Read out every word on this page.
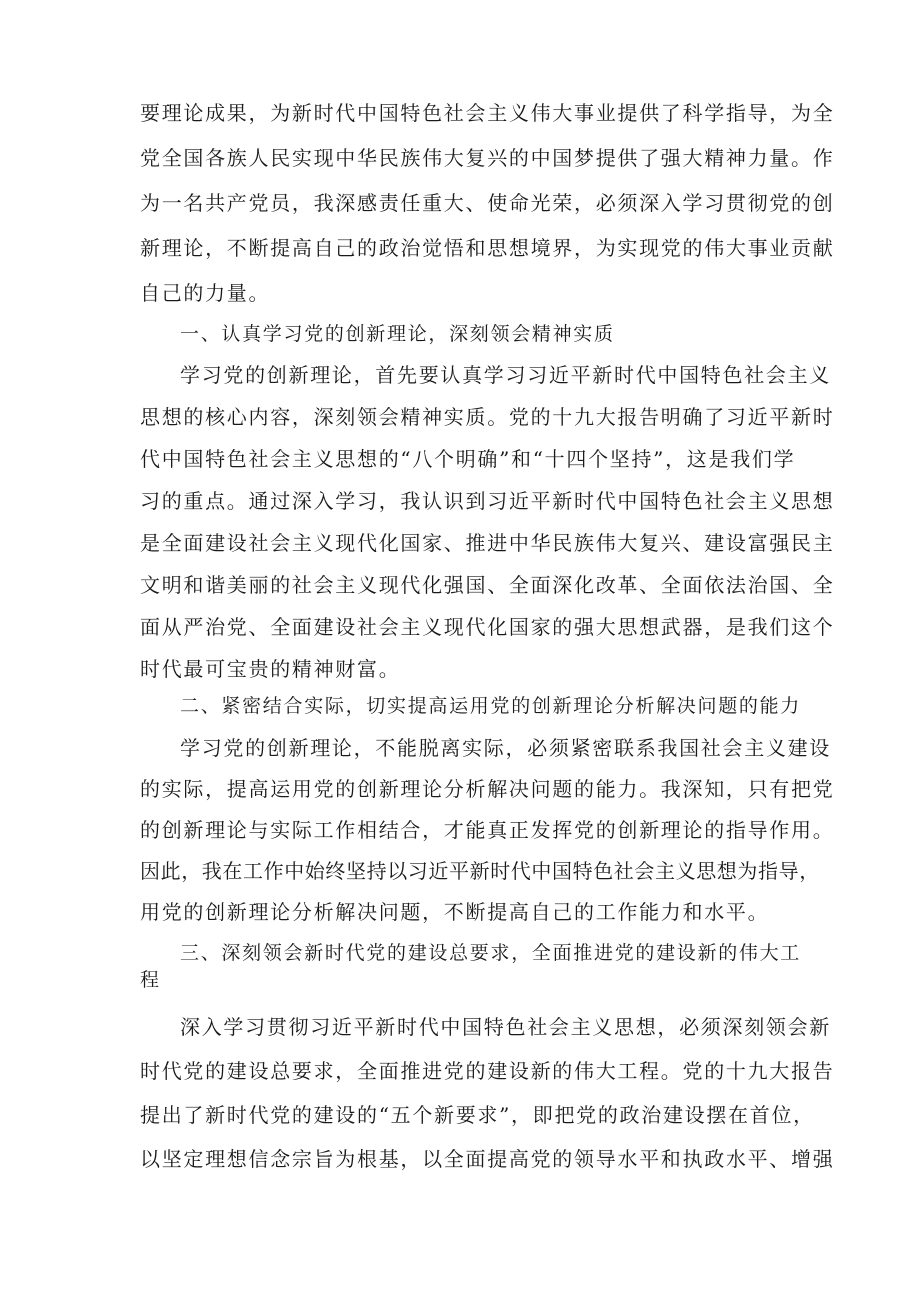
要理论成果，为新时代中国特色社会主义伟大事业提供了科学指导，为全
党全国各族人民实现中华民族伟大复兴的中国梦提供了强大精神力量。作
为一名共产党员，我深感责任重大、使命光荣，必须深入学习贯彻党的创
新理论，不断提高自己的政治觉悟和思想境界，为实现党的伟大事业贡献
自己的力量。
一、认真学习党的创新理论，深刻领会精神实质
学习党的创新理论，首先要认真学习习近平新时代中国特色社会主义
思想的核心内容，深刻领会精神实质。党的十九大报告明确了习近平新时
代中国特色社会主义思想的“八个明确”和“十四个坚持”，这是我们学
习的重点。通过深入学习，我认识到习近平新时代中国特色社会主义思想
是全面建设社会主义现代化国家、推进中华民族伟大复兴、建设富强民主
文明和谐美丽的社会主义现代化强国、全面深化改革、全面依法治国、全
面从严治党、全面建设社会主义现代化国家的强大思想武器，是我们这个
时代最可宝贵的精神财富。
二、紧密结合实际，切实提高运用党的创新理论分析解决问题的能力
学习党的创新理论，不能脱离实际，必须紧密联系我国社会主义建设
的实际，提高运用党的创新理论分析解决问题的能力。我深知，只有把党
的创新理论与实际工作相结合，才能真正发挥党的创新理论的指导作用。
因此，我在工作中始终坚持以习近平新时代中国特色社会主义思想为指导，
用党的创新理论分析解决问题，不断提高自己的工作能力和水平。
三、深刻领会新时代党的建设总要求，全面推进党的建设新的伟大工
程
深入学习贯彻习近平新时代中国特色社会主义思想，必须深刻领会新
时代党的建设总要求，全面推进党的建设新的伟大工程。党的十九大报告
提出了新时代党的建设的“五个新要求”，即把党的政治建设摆在首位，
以坚定理想信念宗旨为根基，以全面提高党的领导水平和执政水平、增强
